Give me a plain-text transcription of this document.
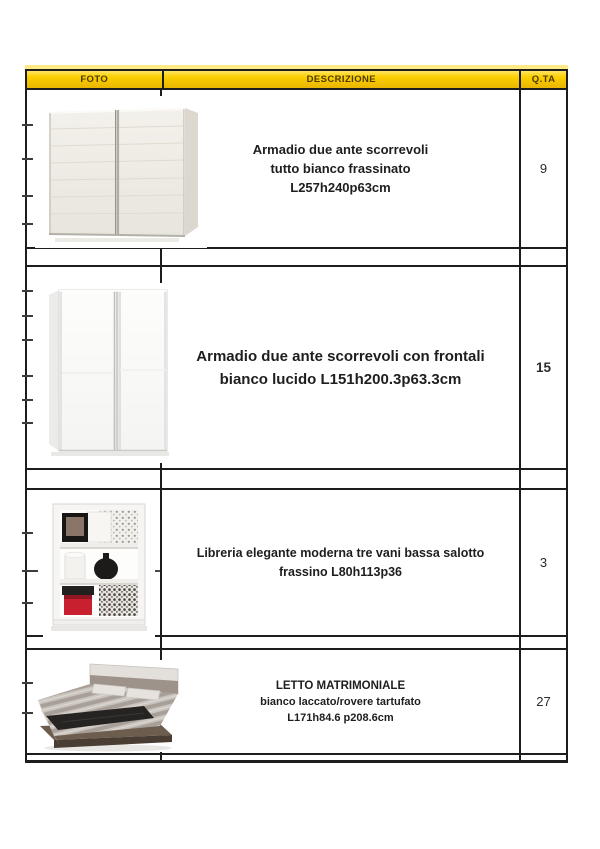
FOTO	DESCRIZIONE	Q.TA
Armadio due ante scorrevoli
tutto bianco frassinato
L257h240p63cm
9
Armadio due ante scorrevoli con frontali
bianco lucido L151h200.3p63.3cm
15
Libreria elegante moderna tre vani bassa salotto
frassino L80h113p36
3
LETTO MATRIMONIALE
bianco laccato/rovere tartufato
L171h84.6 p208.6cm
27
